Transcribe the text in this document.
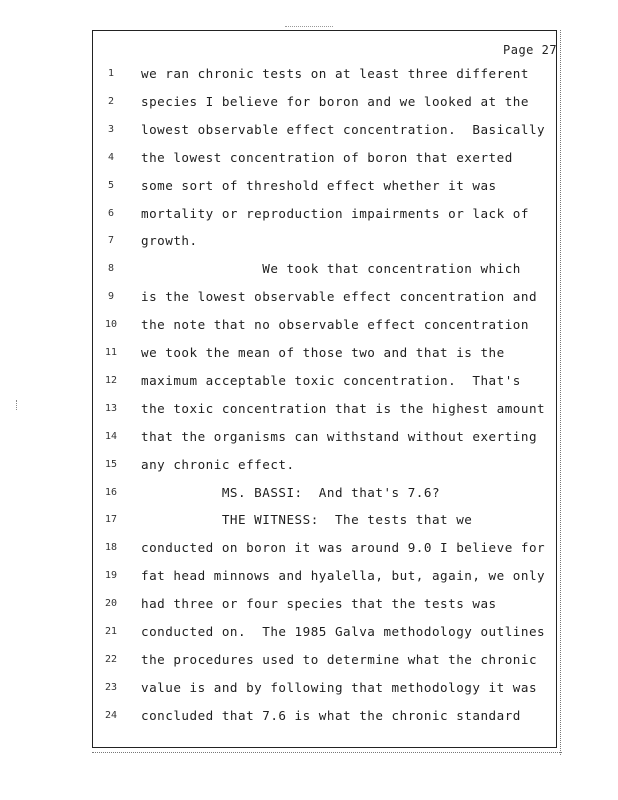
Page 27
1	we ran chronic tests on at least three different
2	species I believe for boron and we looked at the
3	lowest observable effect concentration.  Basically
4	the lowest concentration of boron that exerted
5	some sort of threshold effect whether it was
6	mortality or reproduction impairments or lack of
7	growth.
8	We took that concentration which
9	is the lowest observable effect concentration and
10	the note that no observable effect concentration
11	we took the mean of those two and that is the
12	maximum acceptable toxic concentration.  That's
13	the toxic concentration that is the highest amount
14	that the organisms can withstand without exerting
15	any chronic effect.
16	MS. BASSI:  And that's 7.6?
17	THE WITNESS:  The tests that we
18	conducted on boron it was around 9.0 I believe for
19	fat head minnows and hyalella, but, again, we only
20	had three or four species that the tests was
21	conducted on.  The 1985 Galva methodology outlines
22	the procedures used to determine what the chronic
23	value is and by following that methodology it was
24	concluded that 7.6 is what the chronic standard
